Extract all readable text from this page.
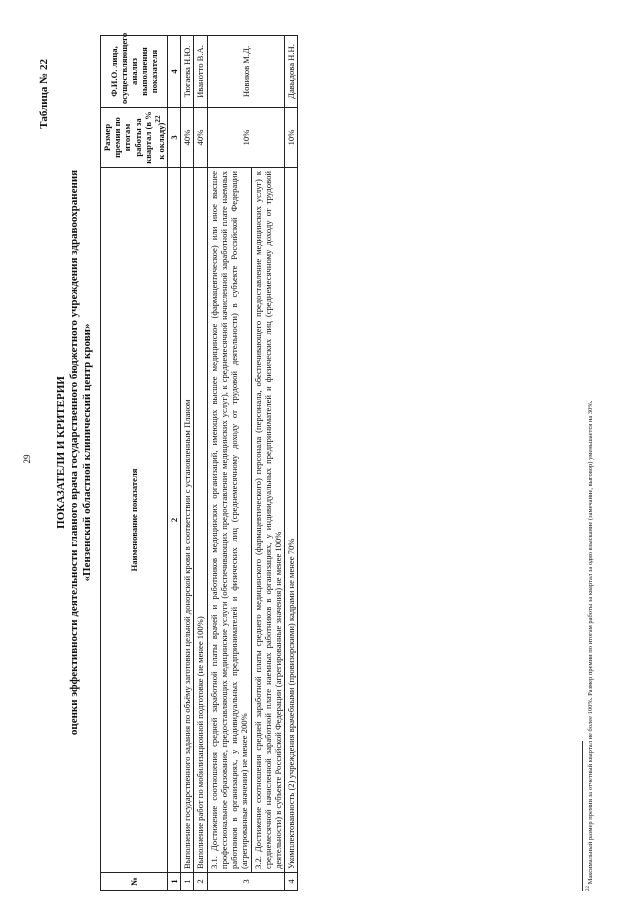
29
Таблица № 22
ПОКАЗАТЕЛИ И КРИТЕРИИ оценки эффективности деятельности главного врача государственного бюджетного учреждения здравоохранения «Пензенский областной клинический центр крови»
№	Наименование показателя	Размер премии по итогам работы за квартал (в % к окладу)$^{22}$	Ф.И.О. лица, осуществляющего анализ выполнения показателя
1	2	3	4
1	Выполнение государственного задания по объёму заготовки цельной донорской крови в соответствии с установленным Планом	40%	Тюгаева Н.Ю.
2	Выполнение работ по мобилизационной подготовке (не менее 100%)	40%	Иванотто В.А.
3	3.1. Достижение соотношения средней заработной платы врачей и работников медицинских организаций, имеющих высшее медицинское (фармацевтическое) или иное высшее профессиональное образование, предоставляющих медицинские услуги (обеспечивающих предоставление медицинских услуг), к среднемесячной начисленной заработной плате наемных работников в организациях, у индивидуальных предпринимателей и физических лиц (среднемесячному доходу от трудовой деятельности) в субъекте Российской Федерации (агрегированные значения) не менее 200%	10%	Новиков М.Д.
	3.2. Достижение соотношения средней заработной платы среднего медицинского (фармацевтического) персонала (персонала, обеспечивающего предоставление медицинских услуг) к среднемесячной начисленной заработной плате наемных работников в организациях, у индивидуальных предпринимателей и физических лиц (среднемесячному доходу от трудовой деятельности) в субъекте Российской Федерации (агрегированные значения) не менее 100%		
4	Укомплектованность (2) учреждения врачебными (провизорскими) кадрами не менее 70%	10%	Давыдова Н.Н.
$^{22}$ Максимальный размер премии за отчетный квартал не более 100%. Размер премии по итогам работы за квартал за одно взыскание (замечание, выговор) уменьшается на 30%.
